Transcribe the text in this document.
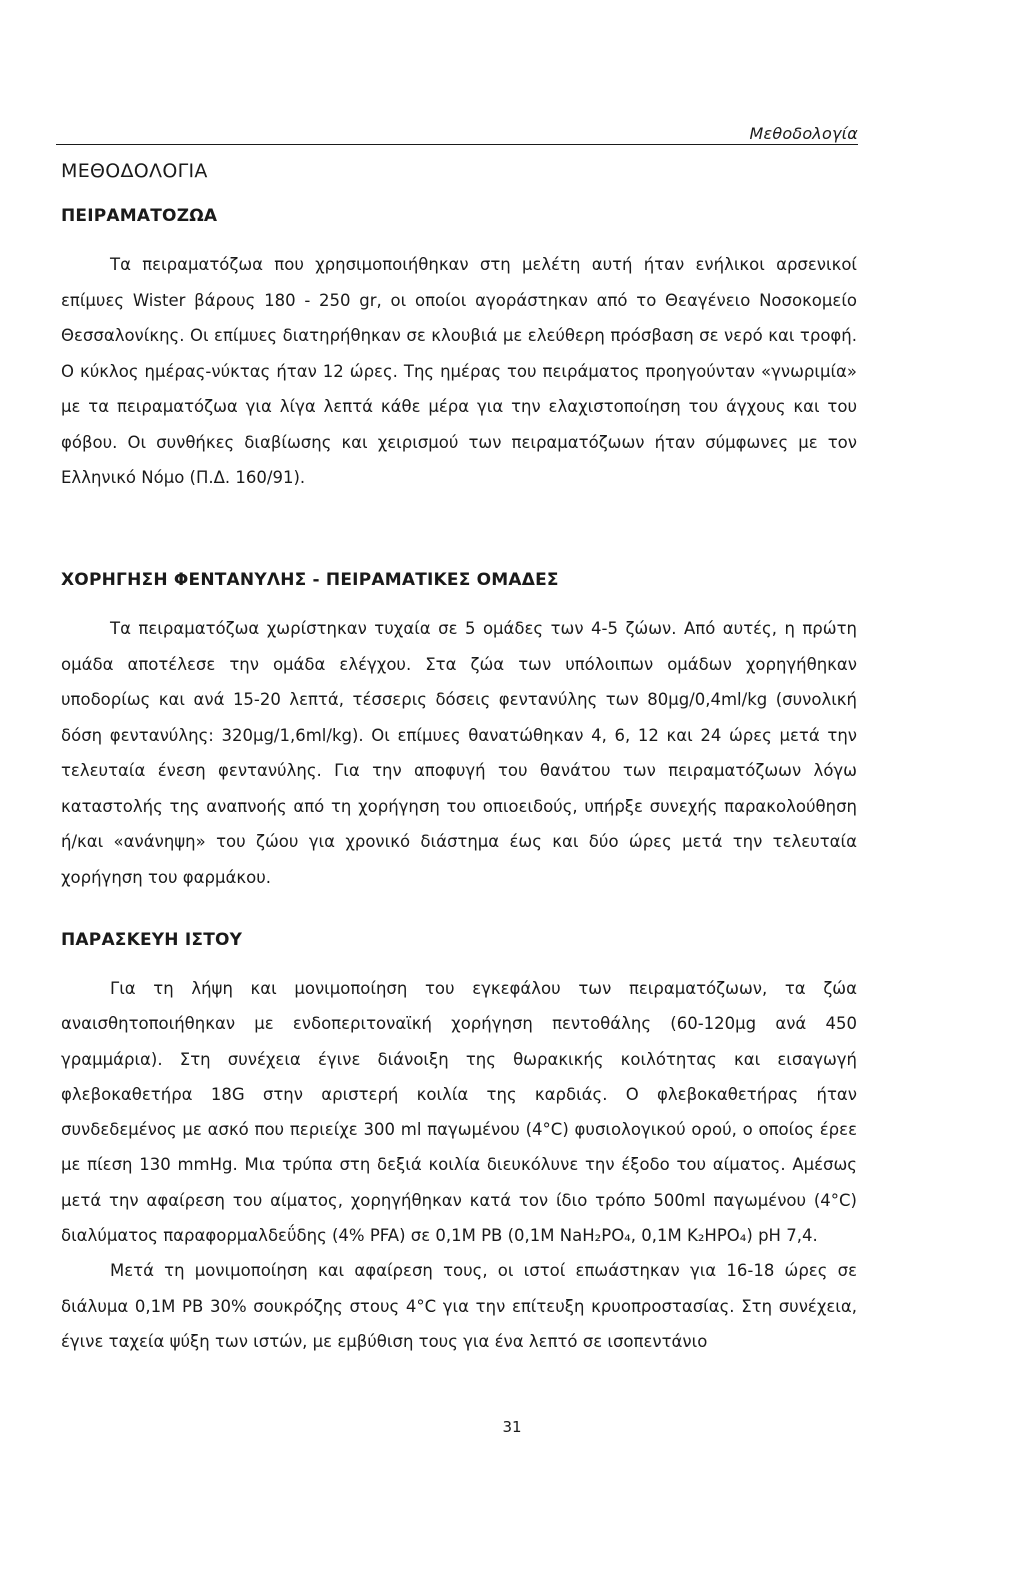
Μεθοδολογία
ΜΕΘΟΔΟΛΟΓΙΑ
ΠΕΙΡΑΜΑΤΟΖΩΑ

Τα πειραματόζωα που χρησιμοποιήθηκαν στη μελέτη αυτή ήταν ενήλικοι αρσενικοί επίμυες Wister βάρους 180 - 250 gr, οι οποίοι αγοράστηκαν από το Θεαγένειο Νοσοκομείο Θεσσαλονίκης. Οι επίμυες διατηρήθηκαν σε κλουβιά με ελεύθερη πρόσβαση σε νερό και τροφή. Ο κύκλος ημέρας-νύκτας ήταν 12 ώρες. Της ημέρας του πειράματος προηγούνταν «γνωριμία» με τα πειραματόζωα για λίγα λεπτά κάθε μέρα για την ελαχιστοποίηση του άγχους και του φόβου. Οι συνθήκες διαβίωσης και χειρισμού των πειραματόζωων ήταν σύμφωνες με τον Ελληνικό Νόμο (Π.Δ. 160/91).

ΧΟΡΗΓΗΣΗ ΦΕΝΤΑΝΥΛΗΣ - ΠΕΙΡΑΜΑΤΙΚΕΣ ΟΜΑΔΕΣ

Τα πειραματόζωα χωρίστηκαν τυχαία σε 5 ομάδες των 4-5 ζώων. Από αυτές, η πρώτη ομάδα αποτέλεσε την ομάδα ελέγχου. Στα ζώα των υπόλοιπων ομάδων χορηγήθηκαν υποδορίως και ανά 15-20 λεπτά, τέσσερις δόσεις φεντανύλης των 80μg/0,4ml/kg (συνολική δόση φεντανύλης: 320μg/1,6ml/kg). Οι επίμυες θανατώθηκαν 4, 6, 12 και 24 ώρες μετά την τελευταία ένεση φεντανύλης. Για την αποφυγή του θανάτου των πειραματόζωων λόγω καταστολής της αναπνοής από τη χορήγηση του οπιοειδούς, υπήρξε συνεχής παρακολούθηση ή/και «ανάνηψη» του ζώου για χρονικό διάστημα έως και δύο ώρες μετά την τελευταία χορήγηση του φαρμάκου.

ΠΑΡΑΣΚΕΥΗ ΙΣΤΟΥ

Για τη λήψη και μονιμοποίηση του εγκεφάλου των πειραματόζωων, τα ζώα αναισθητοποιήθηκαν με ενδοπεριτοναϊκή χορήγηση πεντοθάλης (60-120μg ανά 450 γραμμάρια). Στη συνέχεια έγινε διάνοιξη της θωρακικής κοιλότητας και εισαγωγή φλεβοκαθετήρα 18G στην αριστερή κοιλία της καρδιάς. Ο φλεβοκαθετήρας ήταν συνδεδεμένος με ασκό που περιείχε 300 ml παγωμένου (4°C) φυσιολογικού ορού, ο οποίος έρεε με πίεση 130 mmHg. Μια τρύπα στη δεξιά κοιλία διευκόλυνε την έξοδο του αίματος. Αμέσως μετά την αφαίρεση του αίματος, χορηγήθηκαν κατά τον ίδιο τρόπο 500ml παγωμένου (4°C) διαλύματος παραφορμαλδεΰδης (4% PFA) σε 0,1M PB (0,1M NaH₂PO₄, 0,1M K₂HPO₄) pH 7,4.

Μετά τη μονιμοποίηση και αφαίρεση τους, οι ιστοί επωάστηκαν για 16-18 ώρες σε διάλυμα 0,1M PB 30% σουκρόζης στους 4°C για την επίτευξη κρυοπροστασίας. Στη συνέχεια, έγινε ταχεία ψύξη των ιστών, με εμβύθιση τους για ένα λεπτό σε ισοπεντάνιο

31
